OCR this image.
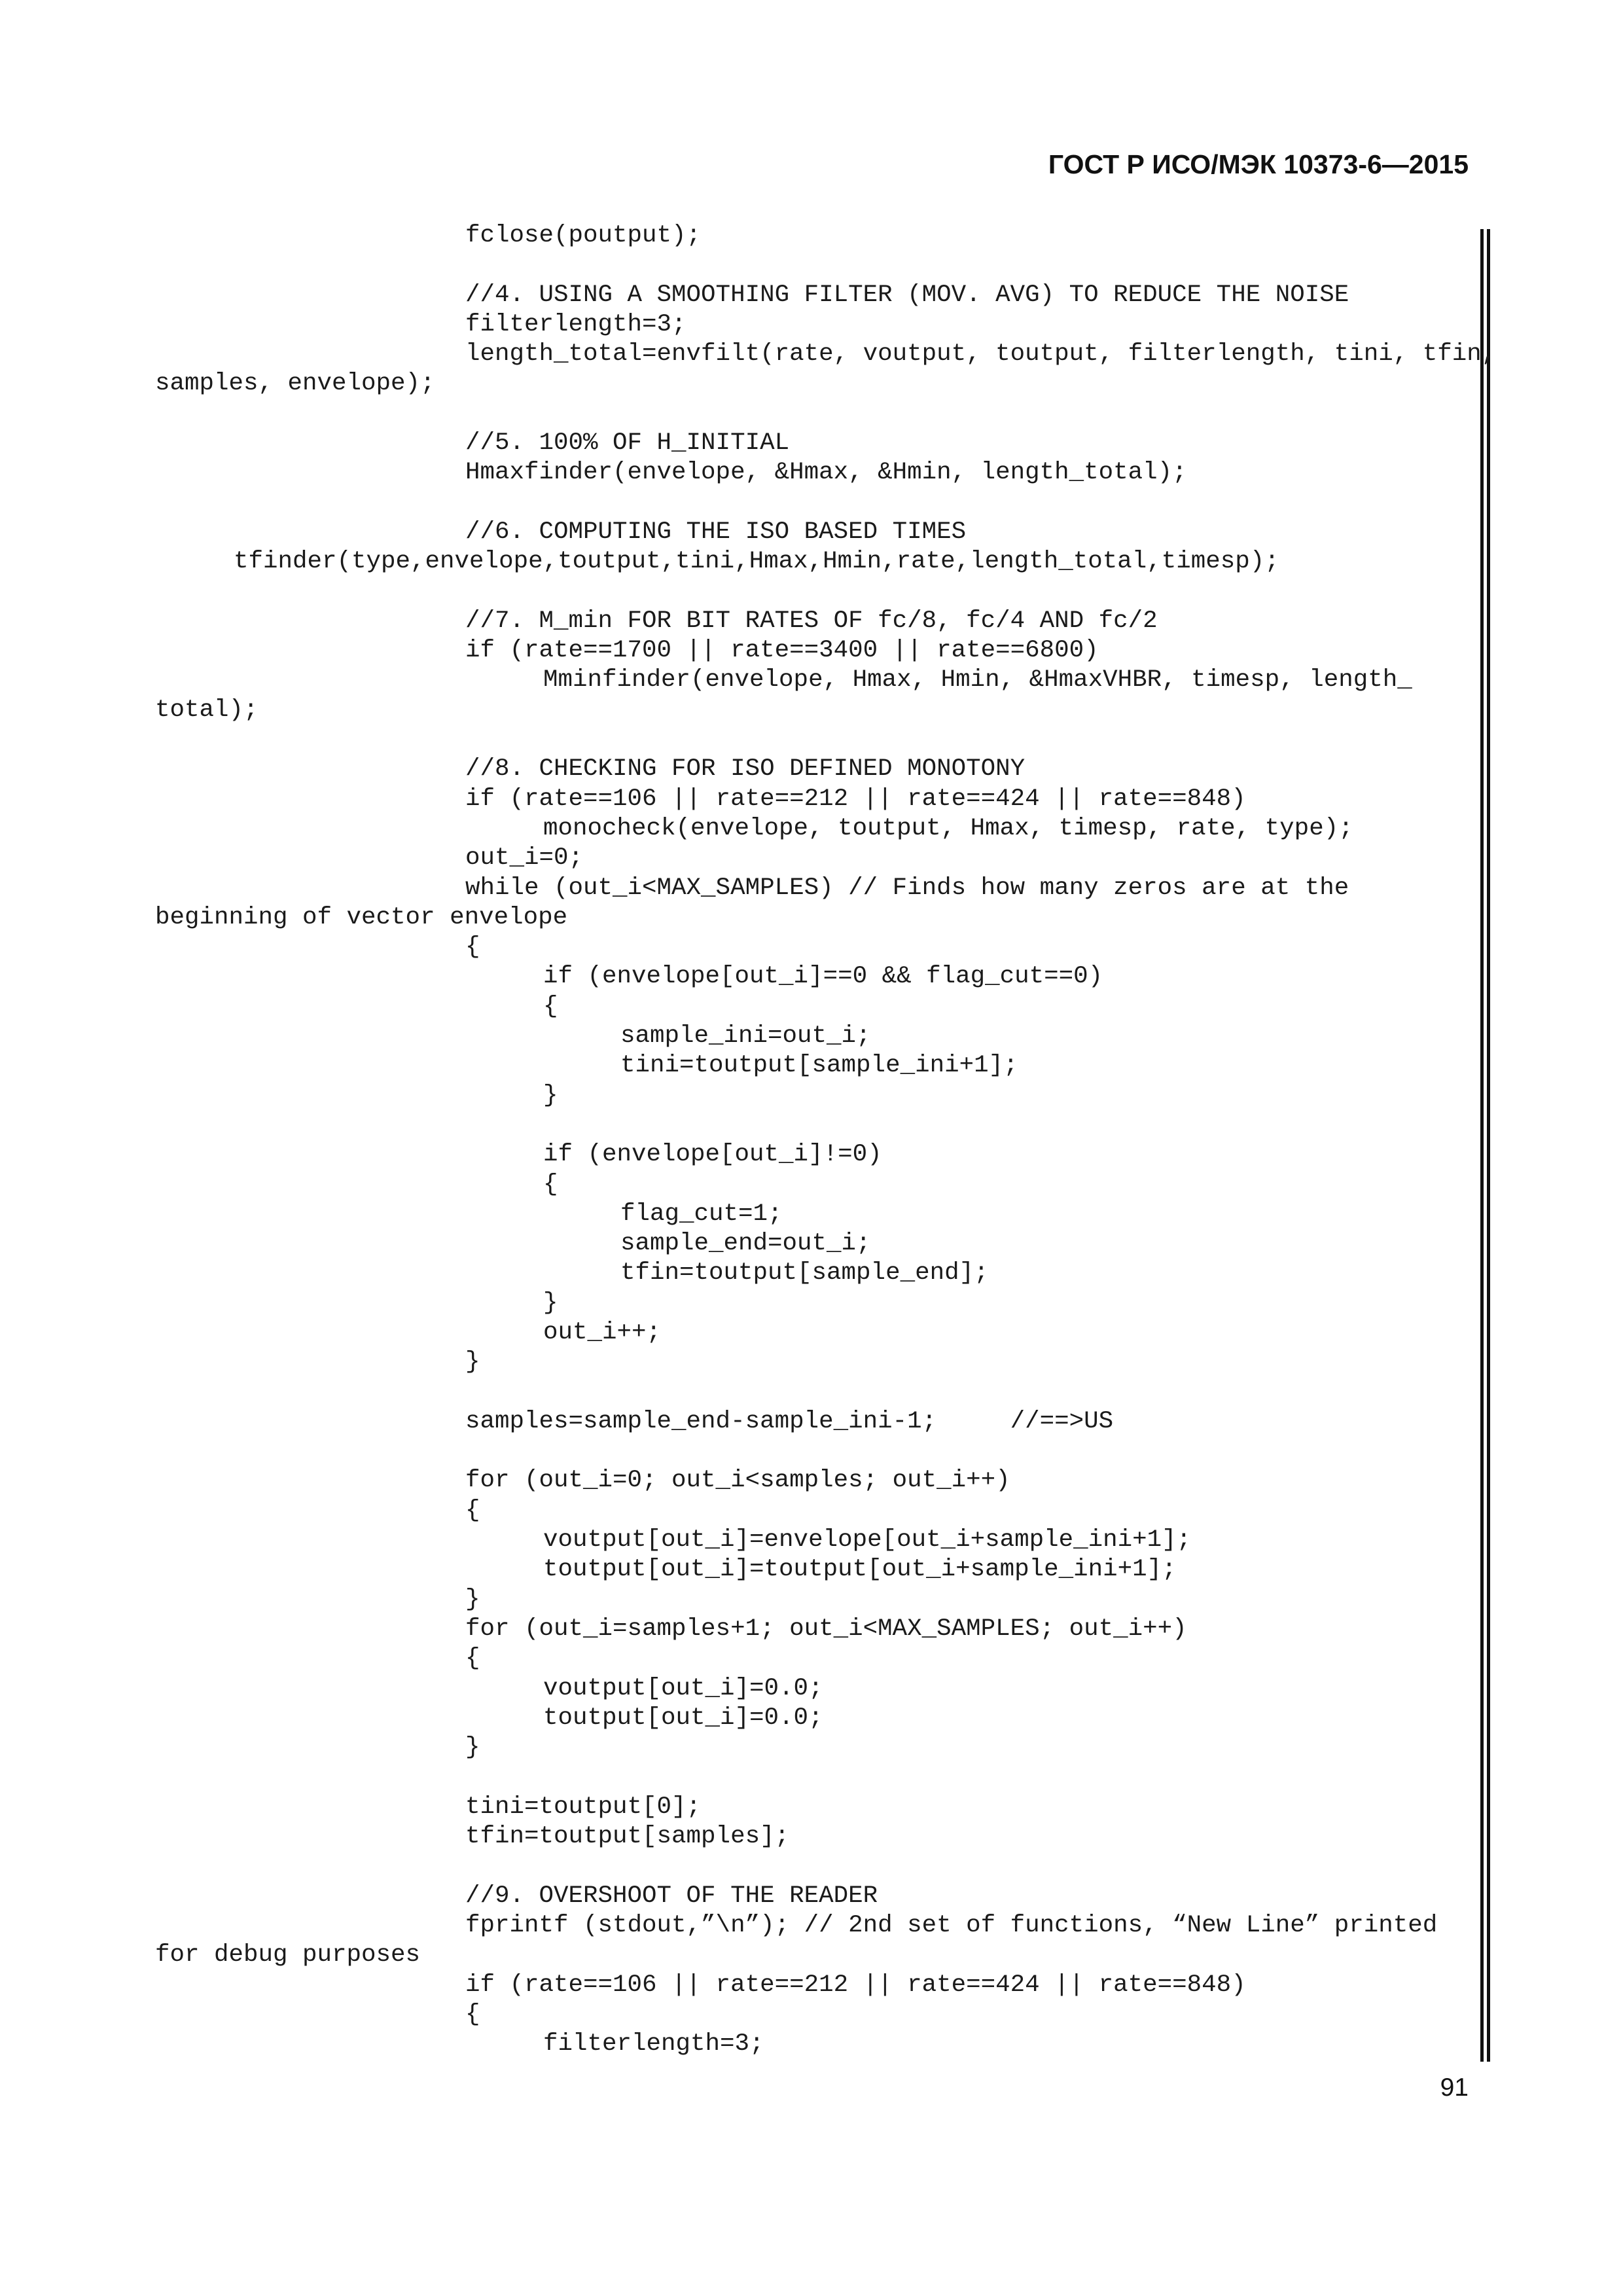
ГОСТ Р ИСО/МЭК 10373-6—2015
fclose(poutput);
//4. USING A SMOOTHING FILTER (MOV. AVG) TO REDUCE THE NOISE
filterlength=3;
length_total=envfilt(rate, voutput, toutput, filterlength, tini, tfin,
samples, envelope);
//5. 100% OF H_INITIAL
Hmaxfinder(envelope, &Hmax, &Hmin, length_total);
//6. COMPUTING THE ISO BASED TIMES
tfinder(type,envelope,toutput,tini,Hmax,Hmin,rate,length_total,timesp);
//7. M_min FOR BIT RATES OF fc/8, fc/4 AND fc/2
if (rate==1700 || rate==3400 || rate==6800)
Mminfinder(envelope, Hmax, Hmin, &HmaxVHBR, timesp, length_
total);
//8. CHECKING FOR ISO DEFINED MONOTONY
if (rate==106 || rate==212 || rate==424 || rate==848)
monocheck(envelope, toutput, Hmax, timesp, rate, type);
out_i=0;
while (out_i<MAX_SAMPLES) // Finds how many zeros are at the
beginning of vector envelope
{
if (envelope[out_i]==0 && flag_cut==0)
{
sample_ini=out_i;
tini=toutput[sample_ini+1];
}
if (envelope[out_i]!=0)
{
flag_cut=1;
sample_end=out_i;
tfin=toutput[sample_end];
}
out_i++;
}
samples=sample_end-sample_ini-1;     //==>US
for (out_i=0; out_i<samples; out_i++)
{
voutput[out_i]=envelope[out_i+sample_ini+1];
toutput[out_i]=toutput[out_i+sample_ini+1];
}
for (out_i=samples+1; out_i<MAX_SAMPLES; out_i++)
{
voutput[out_i]=0.0;
toutput[out_i]=0.0;
}
tini=toutput[0];
tfin=toutput[samples];
//9. OVERSHOOT OF THE READER
fprintf (stdout,”\n”); // 2nd set of functions, “New Line” printed
for debug purposes
if (rate==106 || rate==212 || rate==424 || rate==848)
{
filterlength=3;
91
